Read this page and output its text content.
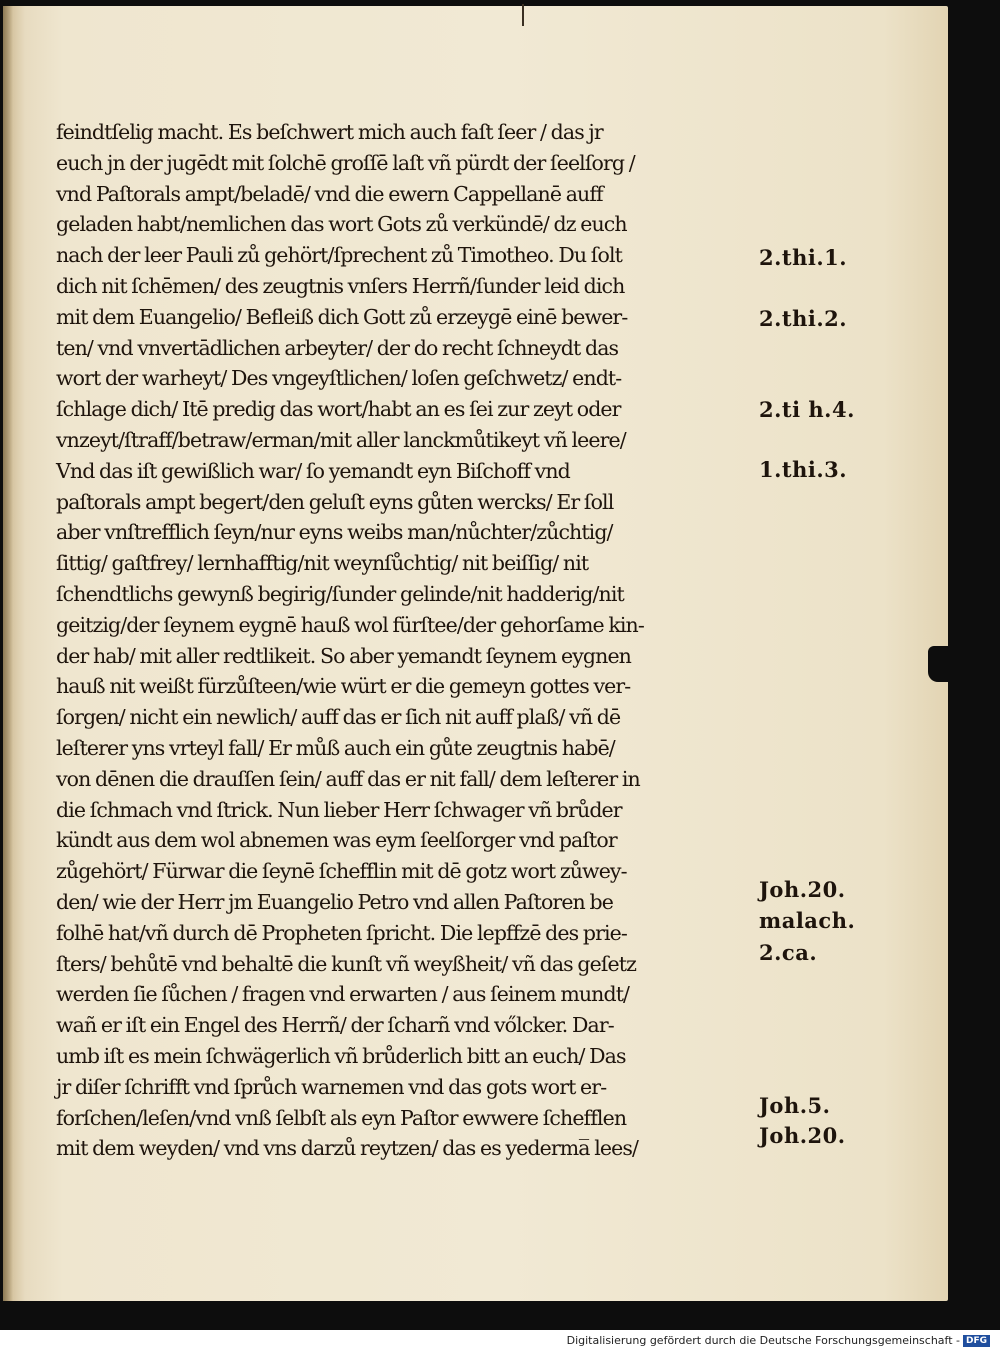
feindtſelig macht. Es beſchwert mich auch faſt ſeer / das jr
euch jn der jugēdt mit ſolchē groſſē laſt vñ pürdt der ſeelſorg /
vnd Paſtorals ampt/beladē/ vnd die ewern Cappellanē auff
geladen habt/nemlichen das wort Gots zů verkündē/ dz euch
nach der leer Pauli zů gehört/ſprechent zů Timotheo. Du ſolt
dich nit ſchēmen/ des zeugtnis vnſers Herrñ/ſunder leid dich
mit dem Euangelio/ Befleiß dich Gott zů erzeygē einē bewer-
ten/ vnd vnvertādlichen arbeyter/ der do recht ſchneydt das
wort der warheyt/ Des vngeyſtlichen/ loſen geſchwetz/ endt-
ſchlage dich/ Itē predig das wort/habt an es ſei zur zeyt oder
vnzeyt/ſtraff/betraw/erman/mit aller lanckmůtikeyt vñ leere/
Vnd das iſt gewißlich war/ ſo yemandt eyn Biſchoff vnd
paſtorals ampt begert/den geluſt eyns gůten wercks/ Er ſoll
aber vnſtrefflich ſeyn/nur eyns weibs man/nůchter/zůchtig/
ſittig/ gaſtfrey/ lernhafftig/nit weynſůchtig/ nit beiſſig/ nit
ſchendtlichs gewynß begirig/ſunder gelinde/nit hadderig/nit
geitzig/der ſeynem eygnē hauß wol fürſtee/der gehorſame kin-
der hab/ mit aller redtlikeit. So aber yemandt ſeynem eygnen
hauß nit weißt fürzůſteen/wie würt er die gemeyn gottes ver-
ſorgen/ nicht ein newlich/ auff das er ſich nit auff plaß/ vñ dē
leſterer yns vrteyl fall/ Er můß auch ein gůte zeugtnis habē/
von dēnen die drauſſen ſein/ auff das er nit fall/ dem leſterer in
die ſchmach vnd ſtrick. Nun lieber Herr ſchwager vñ brůder
kündt aus dem wol abnemen was eym ſeelſorger vnd paſtor
zůgehört/ Fürwar die ſeynē ſchefflin mit dē gotz wort zůwey-
den/ wie der Herr jm Euangelio Petro vnd allen Paſtoren be
folhē hat/vñ durch dē Propheten ſpricht. Die lepffzē des prie-
ſters/ behůtē vnd behaltē die kunſt vñ weyßheit/ vñ das geſetz
werden ſie ſůchen / fragen vnd erwarten / aus ſeinem mundt/
wañ er iſt ein Engel des Herrñ/ der ſcharñ vnd vőlcker. Dar-
umb iſt es mein ſchwägerlich vñ brůderlich bitt an euch/ Das
jr diſer ſchrifft vnd ſprůch warnemen vnd das gots wort er-
forſchen/leſen/vnd vnß ſelbſt als eyn Paſtor ewwere ſchefflen
mit dem weyden/ vnd vns darzů reytzen/ das es yederma̅ lees/
2.thi.1.
2.thi.2.
2.ti h.4.
1.thi.3.
Joh.20.
malach.
2.ca.
Joh.5.
Joh.20.
Digitalisierung gefördert durch die Deutsche Forschungsgemeinschaft - DFG
